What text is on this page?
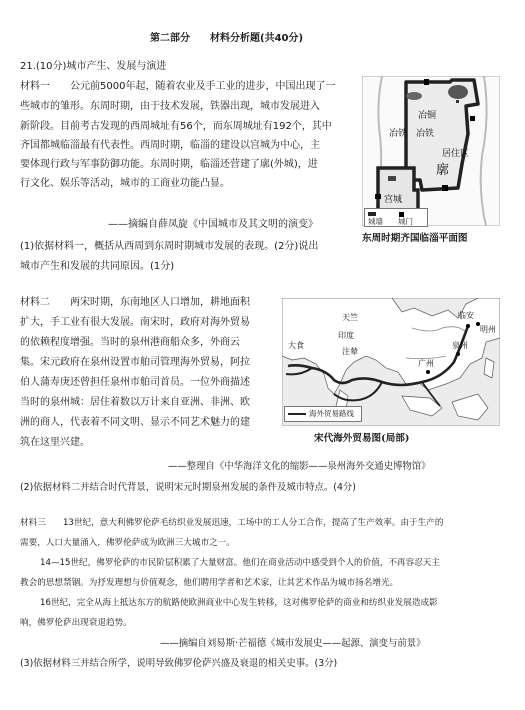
第二部分　　材料分析题(共40分)
21.(10分)城市产生、发展与演进
材料一　　公元前5000年起，随着农业及手工业的进步，中国出现了一
些城市的雏形。东周时期，由于技术发展，铁器出现，城市发展进入
新阶段。目前考古发现的西周城址有56个，而东周城址有192个，其中
齐国都城临淄最有代表性。西周时期，临淄的建设以宫城为中心，主
要体现行政与军事防御功能。东周时期，临淄还营建了廓(外城)，进
行文化、娱乐等活动，城市的工商业功能凸显。
——摘编自薛凤旋《中国城市及其文明的演变》
(1)依据材料一，概括从西周到东周时期城市发展的表现。(2分)说出
城市产生和发展的共同原因。(1分)
冶铜
冶铁 冶铁
廓
居住区
宫城
城墙 城门
东周时期齐国临淄平面图
材料二　　两宋时期，东南地区人口增加，耕地面积
扩大，手工业有很大发展。南宋时，政府对海外贸易
的依赖程度增强。当时的泉州港商船众多，外商云
集。宋元政府在泉州设置市舶司管理海外贸易，阿拉
伯人蒲寿庚还曾担任泉州市舶司首员。一位外商描述
当时的泉州城：居住着数以万计来自亚洲、非洲、欧
洲的商人，代表着不同文明、显示不同艺术魅力的建
筑在这里兴建。
临安
明州
泉州
广州
天竺
印度
注辇
大食
海外贸易路线
宋代海外贸易图(局部)
——整理自《中华海洋文化的缩影——泉州海外交通史博物馆》
(2)依据材料二并结合时代背景，说明宋元时期泉州发展的条件及城市特点。(4分)
材料三　　13世纪，意大利佛罗伦萨毛纺织业发展迅速，工场中的工人分工合作，提高了生产效率。由于生产的
需要，人口大量涌入，佛罗伦萨成为欧洲三大城市之一。
14—15世纪，佛罗伦萨的市民阶层积累了大量财富。他们在商业活动中感受到个人的价值，不再容忍天主
教会的思想禁锢。为抒发理想与价值观念，他们聘用学者和艺术家，让其艺术作品为城市扬名增光。
16世纪，完全从海上抵达东方的航路使欧洲商业中心发生转移，这对佛罗伦萨的商业和纺织业发展造成影
响，佛罗伦萨出现衰退趋势。
——摘编自刘易斯·芒福德《城市发展史——起源、演变与前景》
(3)依据材料三并结合所学，说明导致佛罗伦萨兴盛及衰退的相关史事。(3分)
